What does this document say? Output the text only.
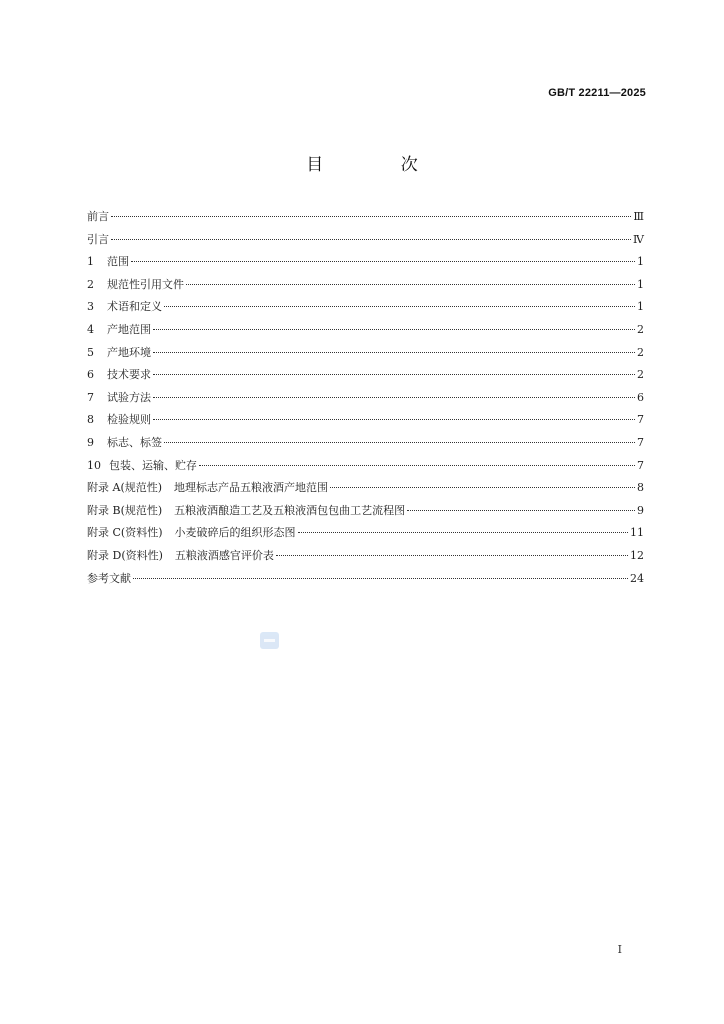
GB/T 22211—2025
目 次
前言	Ⅲ
引言	Ⅳ
1	范围	1
2	规范性引用文件	1
3	术语和定义	1
4	产地范围	2
5	产地环境	2
6	技术要求	2
7	试验方法	6
8	检验规则	7
9	标志、标签	7
10 包装、运输、贮存	7
附录 A(规范性) 地理标志产品五粮液酒产地范围	8
附录 B(规范性) 五粮液酒酿造工艺及五粮液酒包包曲工艺流程图	9
附录 C(资料性) 小麦破碎后的组织形态图	11
附录 D(资料性) 五粮液酒感官评价表	12
参考文献	24
I
